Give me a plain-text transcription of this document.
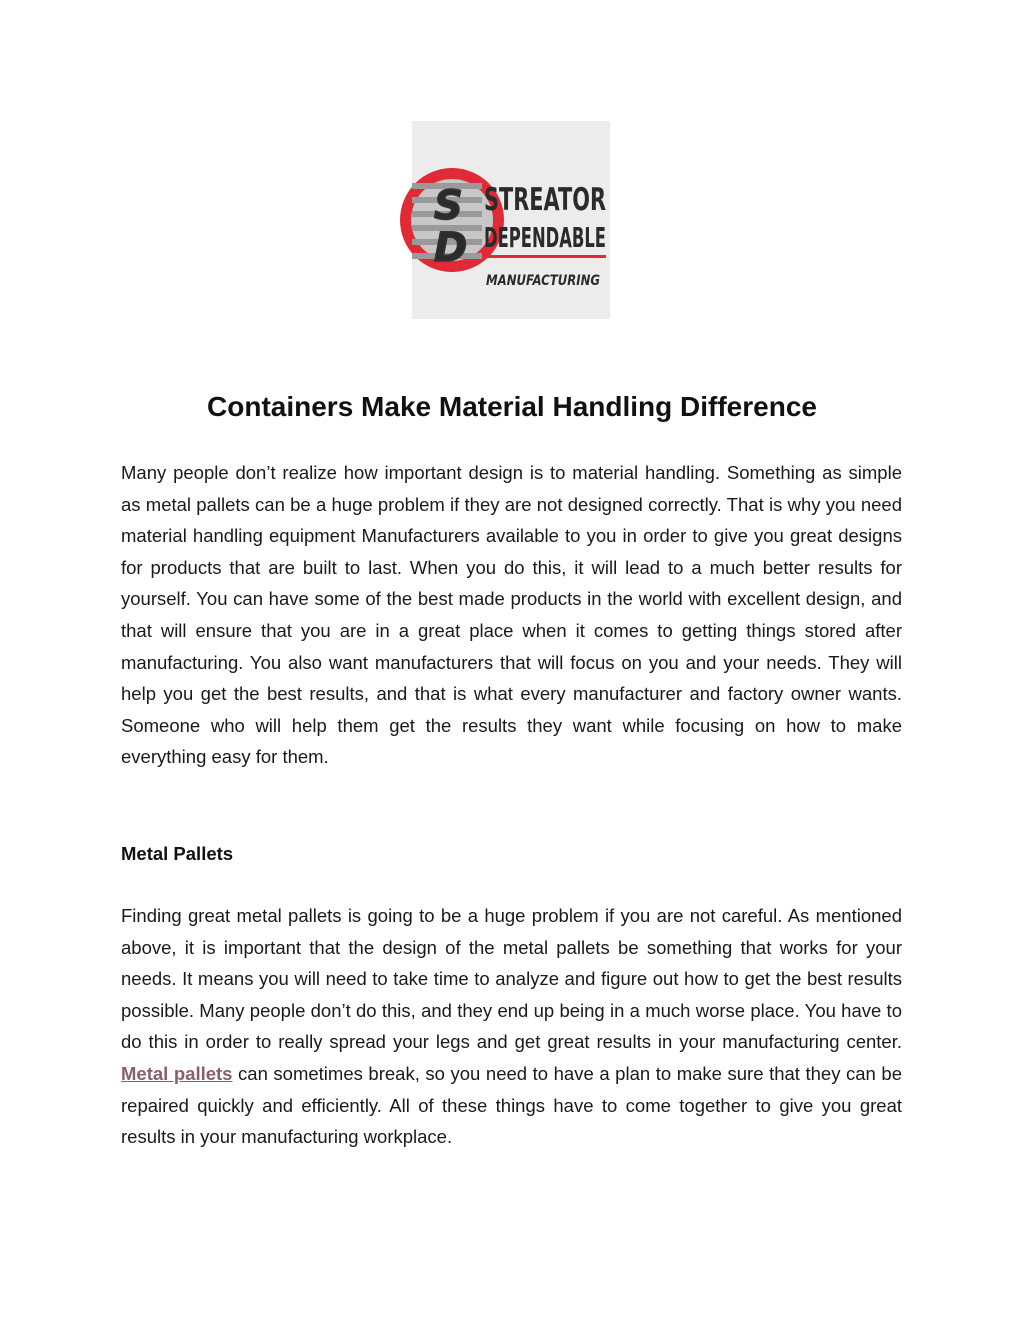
S
D
STREATOR
DEPENDABLE
MANUFACTURING
Containers Make Material Handling Difference

Many people don’t realize how important design is to material handling. Something as simple as metal pallets can be a huge problem if they are not designed correctly. That is why you need material handling equipment Manufacturers available to you in order to give you great designs for products that are built to last. When you do this, it will lead to a much better results for yourself. You can have some of the best made products in the world with excellent design, and that will ensure that you are in a great place when it comes to getting things stored after manufacturing. You also want manufacturers that will focus on you and your needs. They will help you get the best results, and that is what every manufacturer and factory owner wants. Someone who will help them get the results they want while focusing on how to make everything easy for them.

Metal Pallets

Finding great metal pallets is going to be a huge problem if you are not careful. As mentioned above, it is important that the design of the metal pallets be something that works for your needs. It means you will need to take time to analyze and figure out how to get the best results possible. Many people don’t do this, and they end up being in a much worse place. You have to do this in order to really spread your legs and get great results in your manufacturing center. Metal pallets can sometimes break, so you need to have a plan to make sure that they can be repaired quickly and efficiently. All of these things have to come together to give you great results in your manufacturing workplace.
